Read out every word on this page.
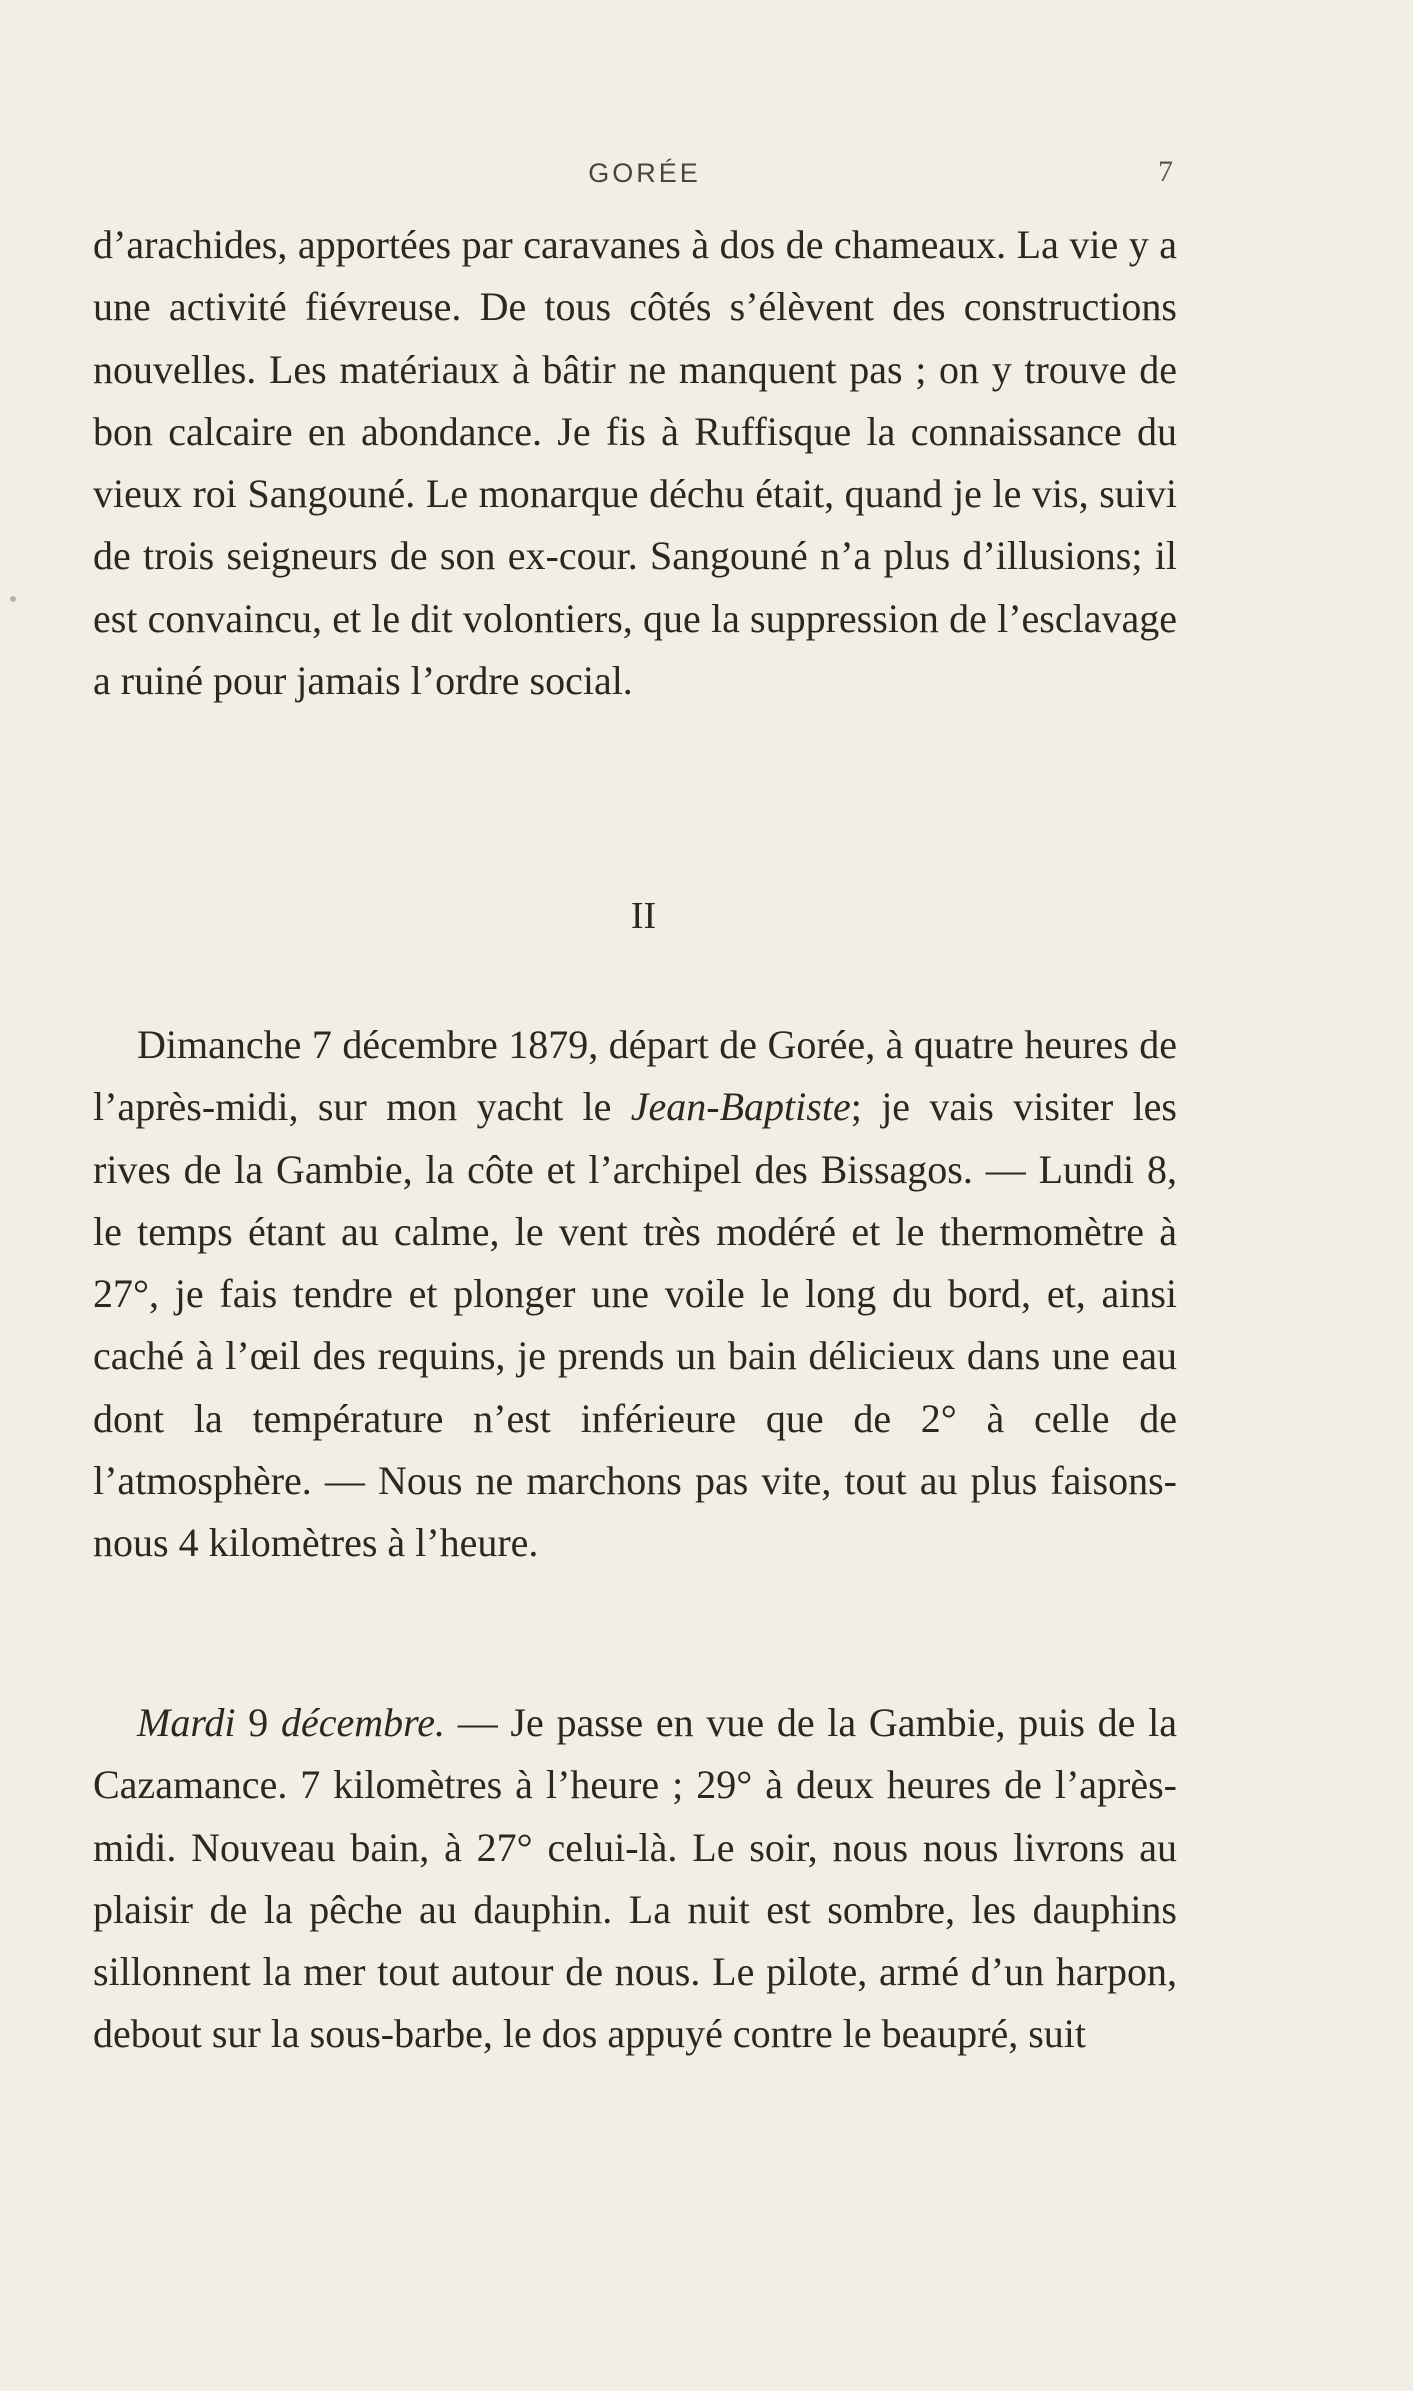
GORÉE	7
d’arachides, apportées par caravanes à dos de chameaux. La vie y a une activité fiévreuse. De tous côtés s’élèvent des constructions nouvelles. Les matériaux à bâtir ne manquent pas ; on y trouve de bon calcaire en abondance. Je fis à Ruffisque la connaissance du vieux roi Sangouné. Le monarque déchu était, quand je le vis, suivi de trois seigneurs de son ex-cour. Sangouné n’a plus d’illusions; il est convaincu, et le dit volontiers, que la suppression de l’esclavage a ruiné pour jamais l’ordre social.
II
Dimanche 7 décembre 1879, départ de Gorée, à quatre heures de l’après-midi, sur mon yacht le Jean-Baptiste; je vais visiter les rives de la Gambie, la côte et l’archipel des Bissagos. — Lundi 8, le temps étant au calme, le vent très modéré et le thermomètre à 27°, je fais tendre et plonger une voile le long du bord, et, ainsi caché à l’œil des requins, je prends un bain délicieux dans une eau dont la température n’est inférieure que de 2° à celle de l’atmosphère. — Nous ne marchons pas vite, tout au plus faisons-nous 4 kilomètres à l’heure.
Mardi 9 décembre. — Je passe en vue de la Gambie, puis de la Cazamance. 7 kilomètres à l’heure ; 29° à deux heures de l’après-midi. Nouveau bain, à 27° celui-là. Le soir, nous nous livrons au plaisir de la pêche au dauphin. La nuit est sombre, les dauphins sillonnent la mer tout autour de nous. Le pilote, armé d’un harpon, debout sur la sous-barbe, le dos appuyé contre le beaupré, suit
